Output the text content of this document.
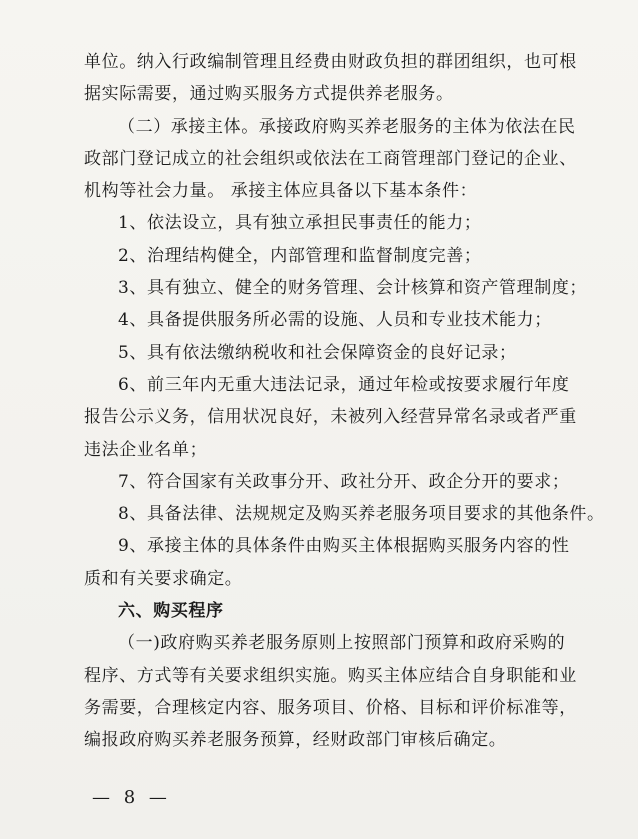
单位。纳入行政编制管理且经费由财政负担的群团组织，也可根
据实际需要，通过购买服务方式提供养老服务。
（二）承接主体。承接政府购买养老服务的主体为依法在民
政部门登记成立的社会组织或依法在工商管理部门登记的企业、
机构等社会力量。 承接主体应具备以下基本条件：
1、依法设立，具有独立承担民事责任的能力；
2、治理结构健全，内部管理和监督制度完善；
3、具有独立、健全的财务管理、会计核算和资产管理制度；
4、具备提供服务所必需的设施、人员和专业技术能力；
5、具有依法缴纳税收和社会保障资金的良好记录；
6、前三年内无重大违法记录，通过年检或按要求履行年度
报告公示义务，信用状况良好，未被列入经营异常名录或者严重
违法企业名单；
7、符合国家有关政事分开、政社分开、政企分开的要求；
8、具备法律、法规规定及购买养老服务项目要求的其他条件。
9、承接主体的具体条件由购买主体根据购买服务内容的性
质和有关要求确定。
六、购买程序
（一)政府购买养老服务原则上按照部门预算和政府采购的
程序、方式等有关要求组织实施。购买主体应结合自身职能和业
务需要，合理核定内容、服务项目、价格、目标和评价标准等，
编报政府购买养老服务预算，经财政部门审核后确定。
— 8 —
